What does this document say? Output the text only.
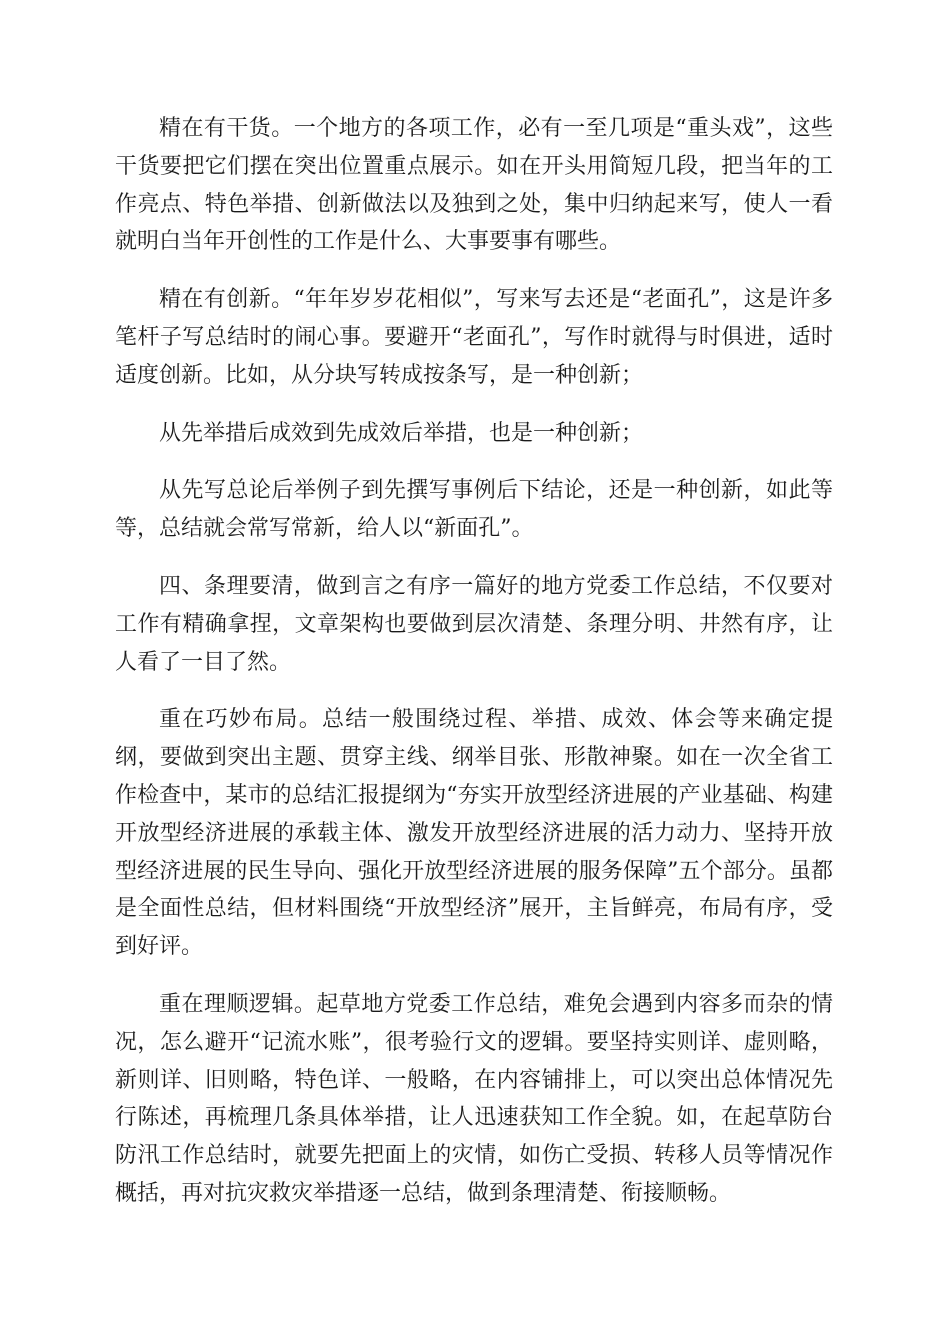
精在有干货。一个地方的各项工作，必有一至几项是“重头戏”，这些干货要把它们摆在突出位置重点展示。如在开头用简短几段，把当年的工作亮点、特色举措、创新做法以及独到之处，集中归纳起来写，使人一看就明白当年开创性的工作是什么、大事要事有哪些。

精在有创新。“年年岁岁花相似”，写来写去还是“老面孔”，这是许多笔杆子写总结时的闹心事。要避开“老面孔”，写作时就得与时俱进，适时适度创新。比如，从分块写转成按条写，是一种创新；

从先举措后成效到先成效后举措，也是一种创新；

从先写总论后举例子到先撰写事例后下结论，还是一种创新，如此等等，总结就会常写常新，给人以“新面孔”。

四、条理要清，做到言之有序一篇好的地方党委工作总结，不仅要对工作有精确拿捏，文章架构也要做到层次清楚、条理分明、井然有序，让人看了一目了然。

重在巧妙布局。总结一般围绕过程、举措、成效、体会等来确定提纲，要做到突出主题、贯穿主线、纲举目张、形散神聚。如在一次全省工作检查中，某市的总结汇报提纲为“夯实开放型经济进展的产业基础、构建开放型经济进展的承载主体、激发开放型经济进展的活力动力、坚持开放型经济进展的民生导向、强化开放型经济进展的服务保障”五个部分。虽都是全面性总结，但材料围绕“开放型经济”展开，主旨鲜亮，布局有序，受到好评。

重在理顺逻辑。起草地方党委工作总结，难免会遇到内容多而杂的情况，怎么避开“记流水账”，很考验行文的逻辑。要坚持实则详、虚则略，新则详、旧则略，特色详、一般略，在内容铺排上，可以突出总体情况先行陈述，再梳理几条具体举措，让人迅速获知工作全貌。如，在起草防台防汛工作总结时，就要先把面上的灾情，如伤亡受损、转移人员等情况作概括，再对抗灾救灾举措逐一总结，做到条理清楚、衔接顺畅。
